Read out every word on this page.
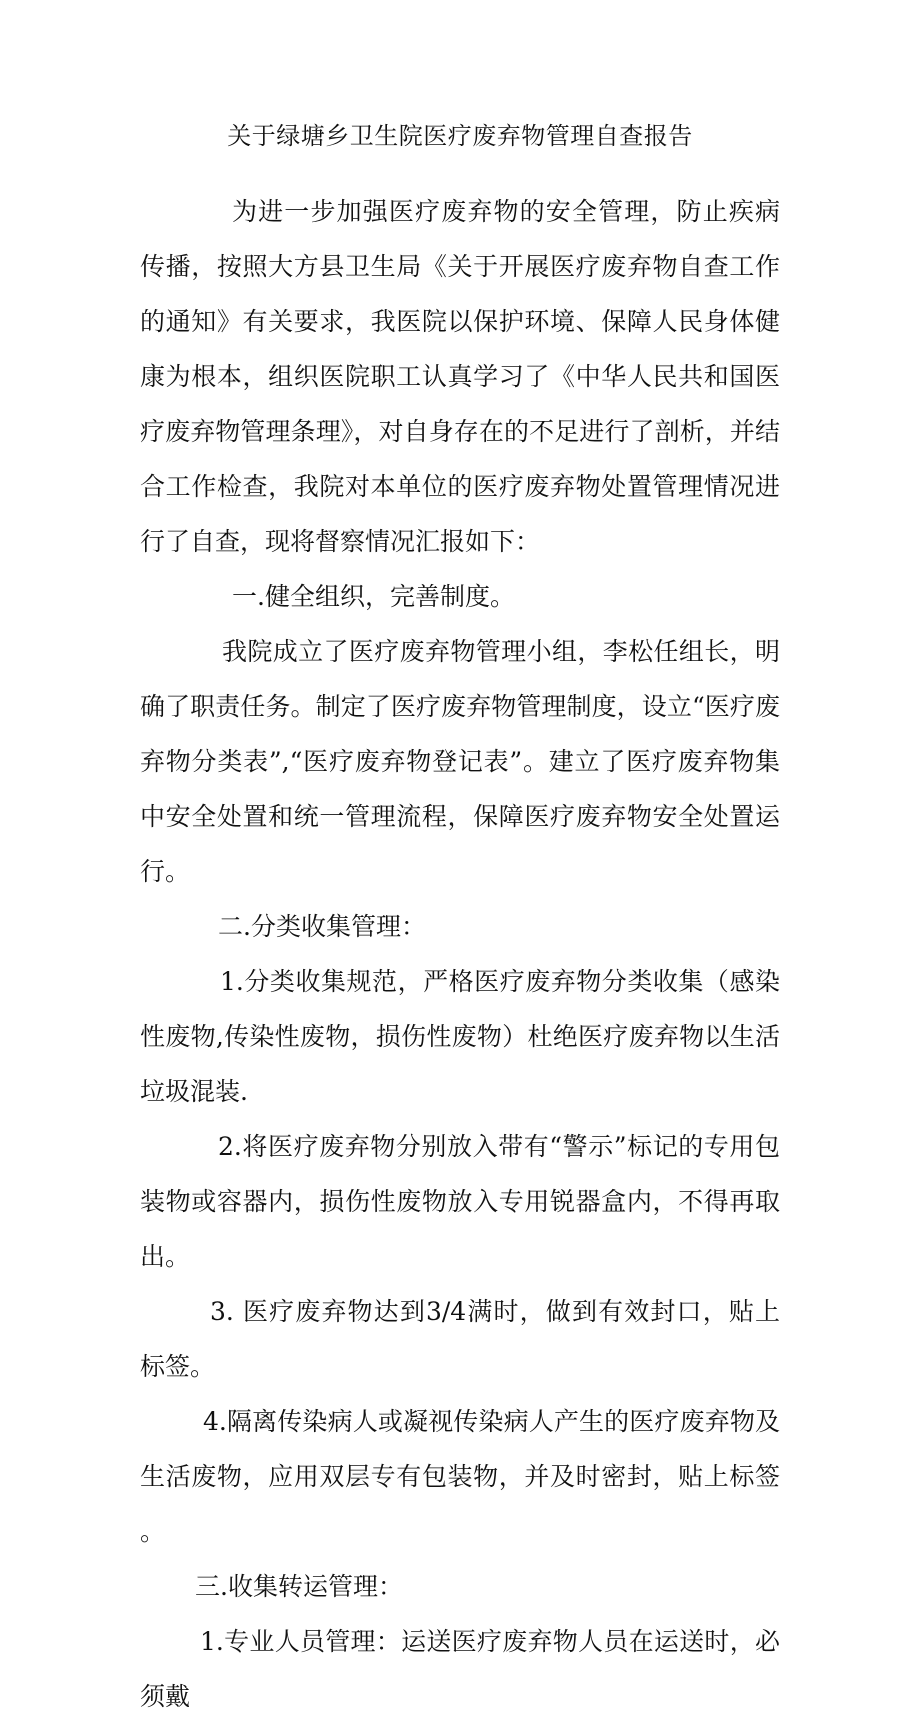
关于绿塘乡卫生院医疗废弃物管理自查报告

为进一步加强医疗废弃物的安全管理，防止疾病传播，按照大方县卫生局《关于开展医疗废弃物自查工作的通知》有关要求，我医院以保护环境、保障人民身体健康为根本，组织医院职工认真学习了《中华人民共和国医疗废弃物管理条理》，对自身存在的不足进行了剖析，并结合工作检查，我院对本单位的医疗废弃物处置管理情况进行了自查，现将督察情况汇报如下：

一.健全组织，完善制度。

我院成立了医疗废弃物管理小组，李松任组长，明确了职责任务。制定了医疗废弃物管理制度，设立“医疗废弃物分类表”,“医疗废弃物登记表”。建立了医疗废弃物集中安全处置和统一管理流程，保障医疗废弃物安全处置运行。

二.分类收集管理：

1.分类收集规范，严格医疗废弃物分类收集（感染性废物,传染性废物，损伤性废物）杜绝医疗废弃物以生活垃圾混装.

2.将医疗废弃物分别放入带有“警示”标记的专用包装物或容器内，损伤性废物放入专用锐器盒内，不得再取出。

3. 医疗废弃物达到3/4满时，做到有效封口，贴上标签。

4.隔离传染病人或凝视传染病人产生的医疗废弃物及生活废物，应用双层专有包装物，并及时密封，贴上标签。

三.收集转运管理：

1.专业人员管理：运送医疗废弃物人员在运送时，必须戴
